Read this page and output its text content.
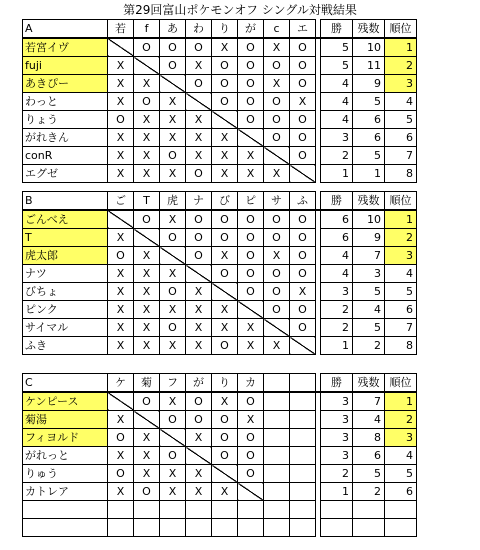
第29回富山ポケモンオフ シングル対戦結果
A	若	f	あ	わ	り	が	c	エ		勝	残数	順位
若宮イヴ		O	O	O	X	O	X	O		5	10	1
fuji	X		O	X	O	O	O	O		5	11	2
あきぴー	X	X		O	O	O	X	O		4	9	3
わっと	X	O	X		O	O	O	X		4	5	4
りょう	O	X	X	X		O	O	O		4	6	5
がれきん	X	X	X	X	X		O	O		3	6	6
conR	X	X	O	X	X	X		O		2	5	7
エグゼ	X	X	X	O	X	X	X			1	1	8
B	ご	T	虎	ナ	び	ピ	サ	ふ		勝	残数	順位
ごんべえ		O	X	O	O	O	O	O		6	10	1
T	X		O	O	O	O	O	O		6	9	2
虎太郎	O	X		O	X	O	X	O		4	7	3
ナツ	X	X	X		O	O	O	O		4	3	4
びちょ	X	X	O	X		O	O	X		3	5	5
ピンク	X	X	X	X	X		O	O		2	4	6
サイマル	X	X	O	X	X	X		O		2	5	7
ふき	X	X	X	X	O	X	X			1	2	8
C	ケ	菊	フ	が	り	カ				勝	残数	順位
ケンピース		O	X	O	X	O				3	7	1
菊湯	X		O	O	O	X				3	4	2
フィヨルド	O	X		X	O	O				3	8	3
がれっと	X	X	O		O	O				3	6	4
りゅう	O	X	X	X		O				2	5	5
カトレア	X	O	X	X	X					1	2	6
